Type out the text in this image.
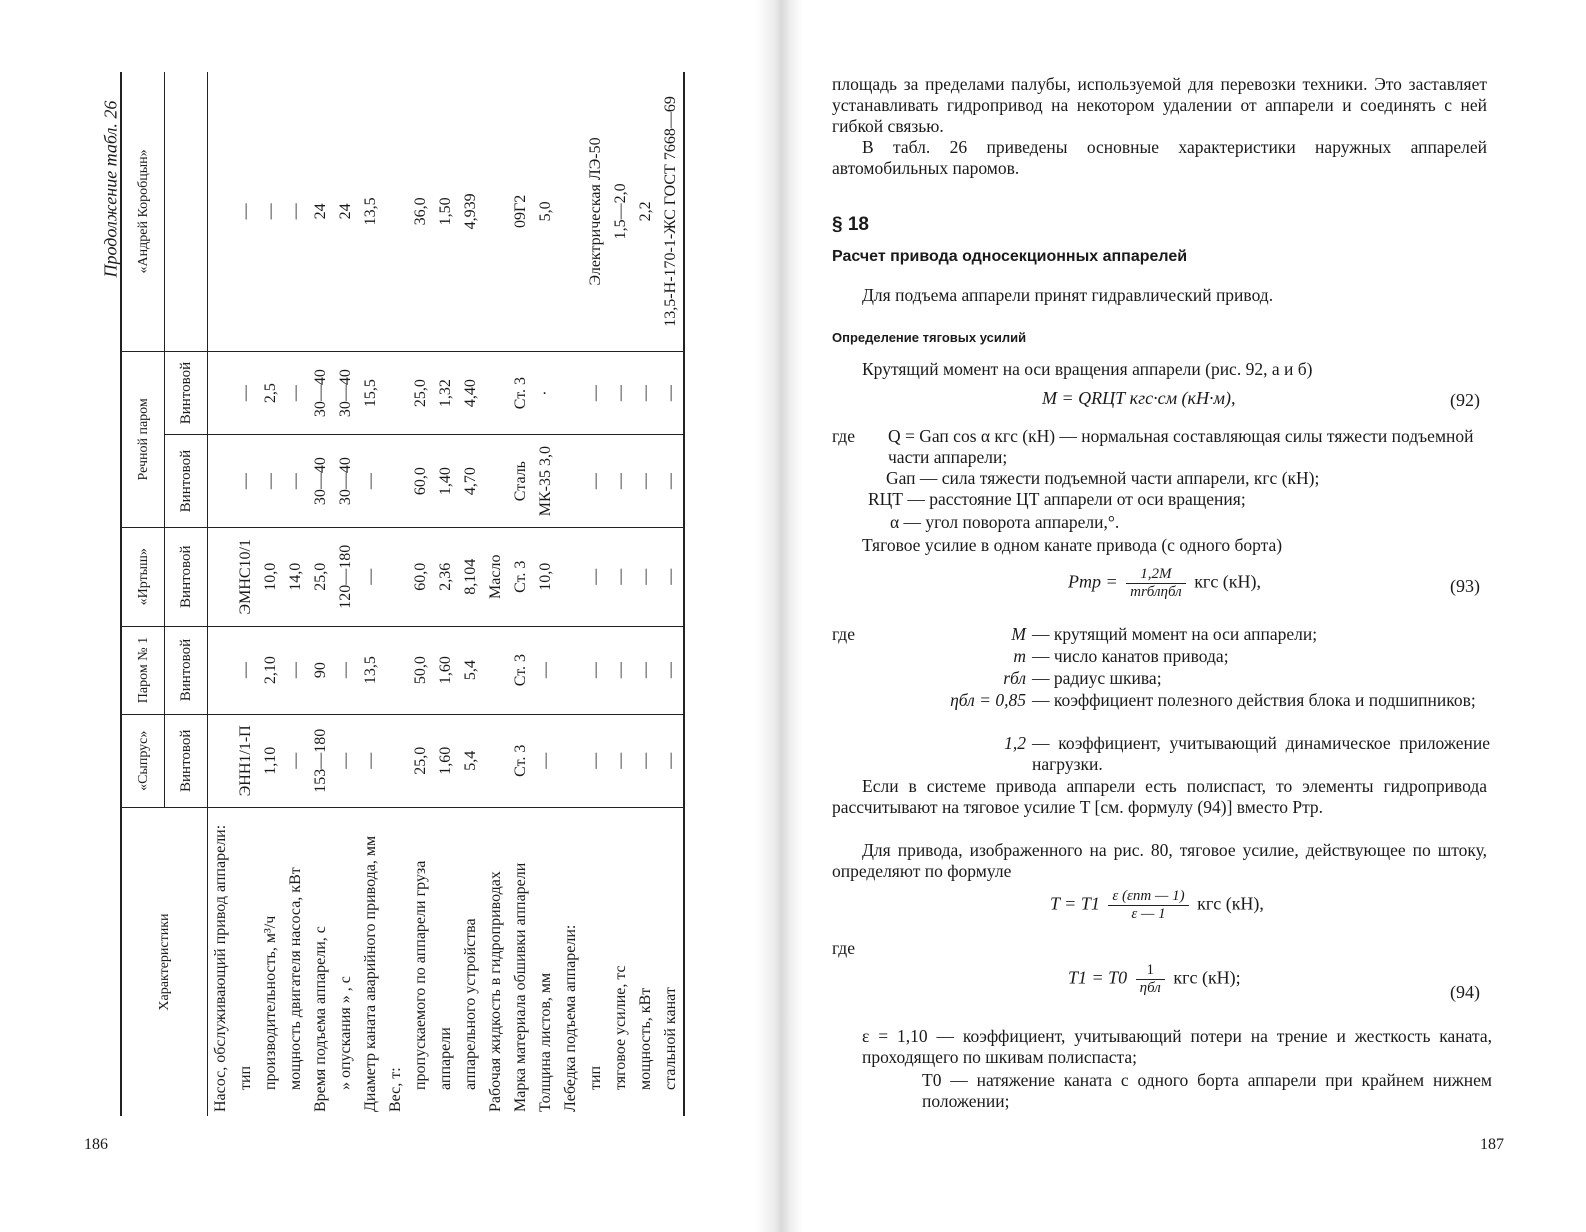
Продолжение табл. 26
Характеристики	«Сыпрус»	Паром № 1	«Иртыш»	Речной паром		«Андрей Коробцын»
	Винтовой	Винтовой	Винтовой	Винтовой	Винтовой	
Насос, обслуживающий привод аппарели:						

тип	ЭНН1/1-П	—	ЭМНС10/1	—	—	—

производительность, м³/ч	1,10	2,10	10,0	—	2,5	—

мощность двигателя насоса, кВт	—	—	14,0	—	—	—
Время подъема аппарели, с	153—180	90	25,0	30—40	30—40	24

» опускания » , с	—	—	120—180	30—40	30—40	24
Диаметр каната аварийного привода, мм	—	13,5	—	—	15,5	13,5
Вес, т:						

пропускаемого по аппарели груза	25,0	50,0	60,0	60,0	25,0	36,0

аппарели	1,60	1,60	2,36	1,40	1,32	1,50

аппарельного устройства	5,4	5,4	8,104	4,70	4,40	4,939
Рабочая жидкость в гидроприводах			Масло			
Марка материала обшивки аппарели	Ст. 3	Ст. 3	Ст. 3	Сталь	Ст. 3	09Г2
Толщина листов, мм	—	—	10,0	МК-35 3,0	·	5,0
Лебедка подъема аппарели:						

тип	—	—	—	—	—	Электрическая ЛЭ-50

тяговое усилие, тс	—	—	—	—	—	1,5—2,0

мощность, кВт	—	—	—	—	—	2,2

стальной канат	—	—	—	—	—	13,5-Н-170-1-ЖС ГОСТ 7668—69
186
площадь за пределами палубы, используемой для перевозки техники. Это заставляет устанавливать гидропривод на некотором удалении от аппарели и соединять с ней гибкой связью.
В табл. 26 приведены основные характеристики наружных аппарелей автомобильных паромов.
§ 18
Расчет привода односекционных аппарелей
Для подъема аппарели принят гидравлический привод.
Определение тяговых усилий
Крутящий момент на оси вращения аппарели (рис. 92, а и б)
M = QRЦТ кгс·см (кН·м),	(92)
где Q = Gап cos α кгс (кН) — нормальная составляющая силы тяжести подъемной части аппарели;
Gап — сила тяжести подъемной части аппарели, кгс (кН);
RЦТ — расстояние ЦТ аппарели от оси вращения;
α — угол поворота аппарели,°.
Тяговое усилие в одном канате привода (с одного борта)
Pтр = $\frac{1,2M}{\text{mrблηбл}}$ кгс (кН),	(93)
где	M — крутящий момент на оси аппарели;
m — число канатов привода;
rбл — радиус шкива;
ηбл = 0,85 — коэффициент полезного действия блока и подшипников;
1,2 — коэффициент, учитывающий динамическое приложение нагрузки.
Если в системе привода аппарели есть полиспаст, то элементы гидропривода рассчитывают на тяговое усилие T [см. формулу (94)] вместо Pтр.
Для привода, изображенного на рис. 80, тяговое усилие, действующее по штоку, определяют по формуле
$T = T1 \frac{\text{ε (εnт — 1)}}{\varepsilon — 1}$ кгс (кН),
где
$T1 = T0 \frac{1}{\text{ηбл}}$ кгс (кН);
(94)
ε = 1,10 — коэффициент, учитывающий потери на трение и жесткость каната, проходящего по шкивам полиспаста;
T0 — натяжение каната с одного борта аппарели при крайнем нижнем положении;
187
